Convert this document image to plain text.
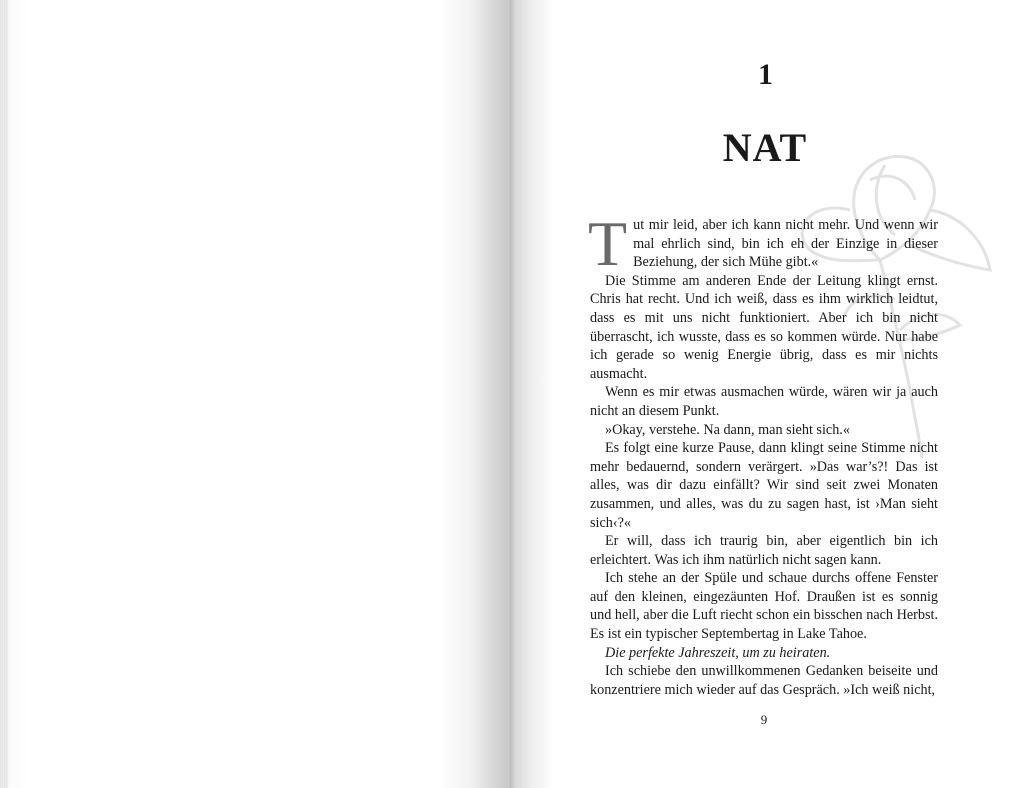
1
NAT

Tut mir leid, aber ich kann nicht mehr. Und wenn wir mal ehrlich sind, bin ich eh der Einzige in dieser Beziehung, der sich Mühe gibt.«

Die Stimme am anderen Ende der Leitung klingt ernst. Chris hat recht. Und ich weiß, dass es ihm wirklich leidtut, dass es mit uns nicht funktioniert. Aber ich bin nicht überrascht, ich wusste, dass es so kommen würde. Nur habe ich gerade so wenig Energie übrig, dass es mir nichts ausmacht.

Wenn es mir etwas ausmachen würde, wären wir ja auch nicht an diesem Punkt.

»Okay, verstehe. Na dann, man sieht sich.«

Es folgt eine kurze Pause, dann klingt seine Stimme nicht mehr bedauernd, sondern verärgert. »Das war’s?! Das ist alles, was dir dazu einfällt? Wir sind seit zwei Monaten zusammen, und alles, was du zu sagen hast, ist ›Man sieht sich‹?«

Er will, dass ich traurig bin, aber eigentlich bin ich erleichtert. Was ich ihm natürlich nicht sagen kann.

Ich stehe an der Spüle und schaue durchs offene Fenster auf den kleinen, eingezäunten Hof. Draußen ist es sonnig und hell, aber die Luft riecht schon ein bisschen nach Herbst. Es ist ein typischer Septembertag in Lake Tahoe.

Die perfekte Jahreszeit, um zu heiraten.

Ich schiebe den unwillkommenen Gedanken beiseite und konzentriere mich wieder auf das Gespräch. »Ich weiß nicht,

9
